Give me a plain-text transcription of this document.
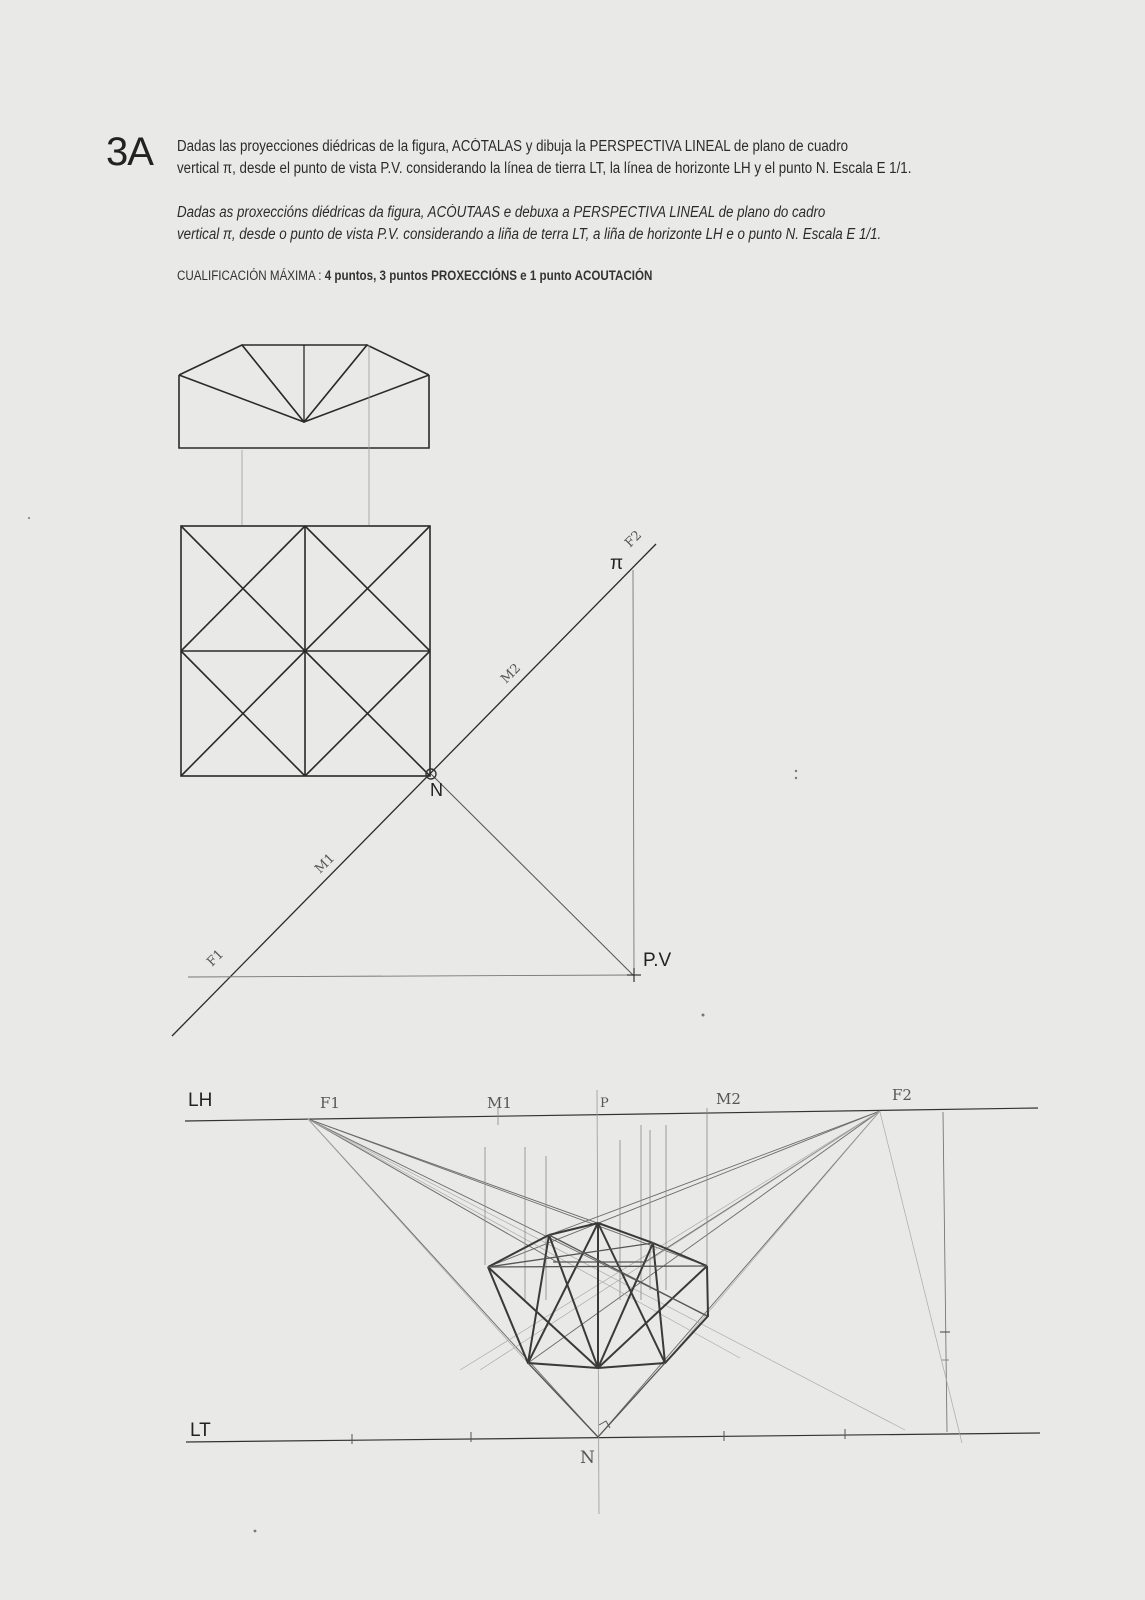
3A Dadas las proyecciones diédricas de la figura, ACÓTALAS y dibuja la PERSPECTIVA LINEAL de plano de cuadro
vertical π, desde el punto de vista P.V. considerando la línea de tierra LT, la línea de horizonte LH y el punto N. Escala E 1/1.
Dadas as proxeccións diédricas da figura, ACÓUTAAS e debuxa a PERSPECTIVA LINEAL de plano do cadro
vertical π, desde o punto de vista P.V. considerando a liña de terra LT, a liña de horizonte LH e o punto N. Escala E 1/1.
CUALIFICACIÓN MÁXIMA : 4 puntos, 3 puntos PROXECCIÓNS e 1 punto ACOUTACIÓN
π
F2
M2
N
M1
F1	P.V
LH
LT
F1	M1	P	M2	F2
N
